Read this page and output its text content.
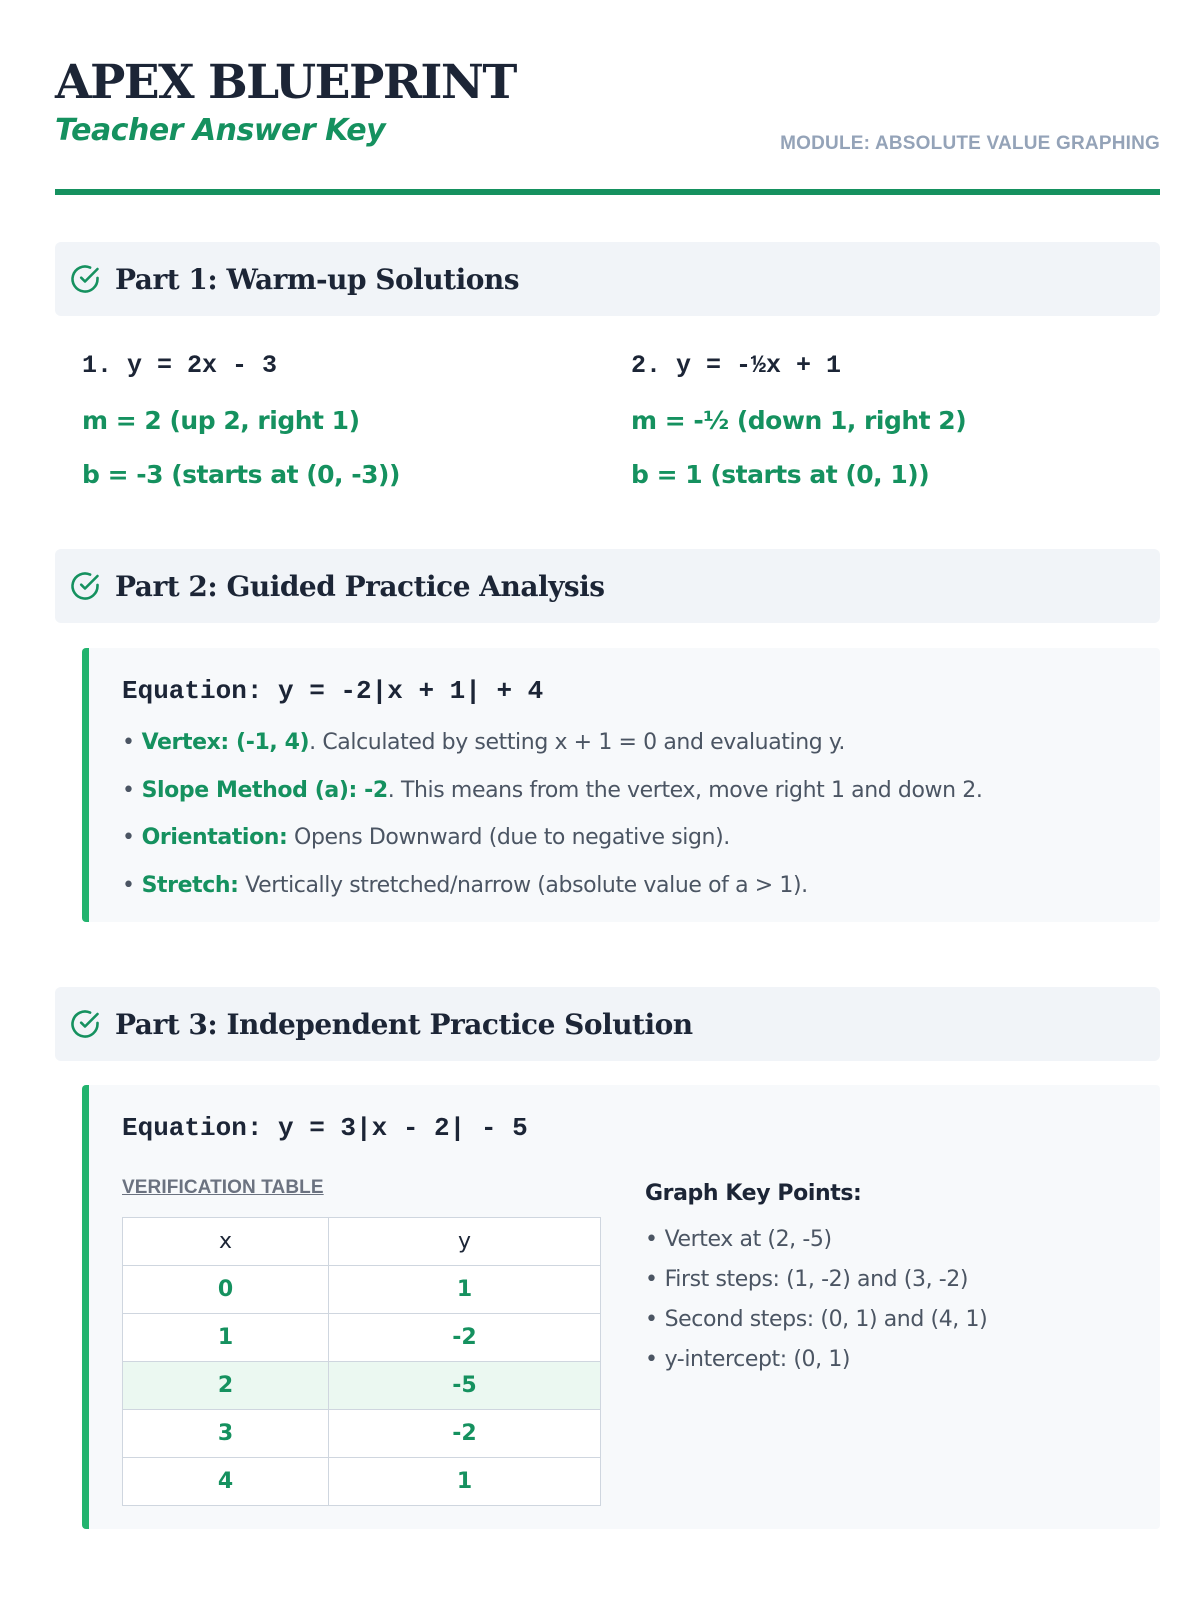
APEX BLUEPRINT
Teacher Answer Key	MODULE: ABSOLUTE VALUE GRAPHING
Part 1: Warm-up Solutions
1. y = 2x - 3
m = 2 (up 2, right 1)
b = -3 (starts at (0, -3))
2. y = -½x + 1
m = -½ (down 1, right 2)
b = 1 (starts at (0, 1))
Part 2: Guided Practice Analysis
Equation: y = -2|x + 1| + 4
• Vertex: (-1, 4). Calculated by setting x + 1 = 0 and evaluating y.
• Slope Method (a): -2. This means from the vertex, move right 1 and down 2.
• Orientation: Opens Downward (due to negative sign).
• Stretch: Vertically stretched/narrow (absolute value of a > 1).
Part 3: Independent Practice Solution
Equation: y = 3|x - 2| - 5
VERIFICATION TABLE
x	y
0	1
1	-2
2	-5
3	-2
4	1
Graph Key Points:
• Vertex at (2, -5)
• First steps: (1, -2) and (3, -2)
• Second steps: (0, 1) and (4, 1)
• y-intercept: (0, 1)
